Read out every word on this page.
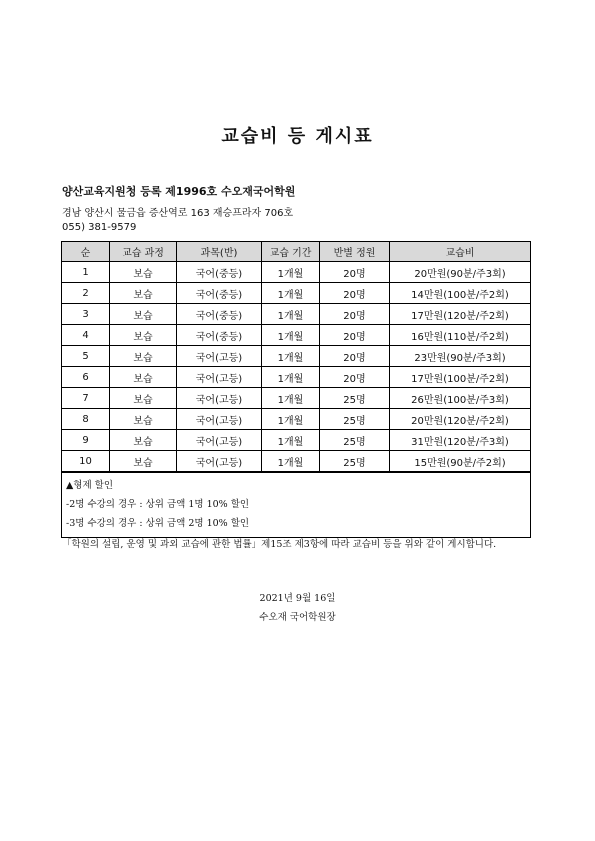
교습비 등 게시표
양산교육지원청 등록 제1996호 수오재국어학원
경남 양산시 물금읍 증산역로 163 재승프라자 706호
055) 381-9579
순	교습 과정	과목(반)	교습 기간	반별 정원	교습비
1	보습	국어(중등)	1개월	20명	20만원(90분/주3회)
2	보습	국어(중등)	1개월	20명	14만원(100분/주2회)
3	보습	국어(중등)	1개월	20명	17만원(120분/주2회)
4	보습	국어(중등)	1개월	20명	16만원(110분/주2회)
5	보습	국어(고등)	1개월	20명	23만원(90분/주3회)
6	보습	국어(고등)	1개월	20명	17만원(100분/주2회)
7	보습	국어(고등)	1개월	25명	26만원(100분/주3회)
8	보습	국어(고등)	1개월	25명	20만원(120분/주2회)
9	보습	국어(고등)	1개월	25명	31만원(120분/주3회)
10	보습	국어(고등)	1개월	25명	15만원(90분/주2회)

▲형제 할인
-2명 수강의 경우 : 상위 금액 1명 10% 할인
-3명 수강의 경우 : 상위 금액 2명 10% 할인					
「학원의 설립, 운영 및 과외 교습에 관한 법률」제15조 제3항에 따라 교습비 등을 위와 같이 게시합니다.
2021년 9월 16일
수오재 국어학원장
